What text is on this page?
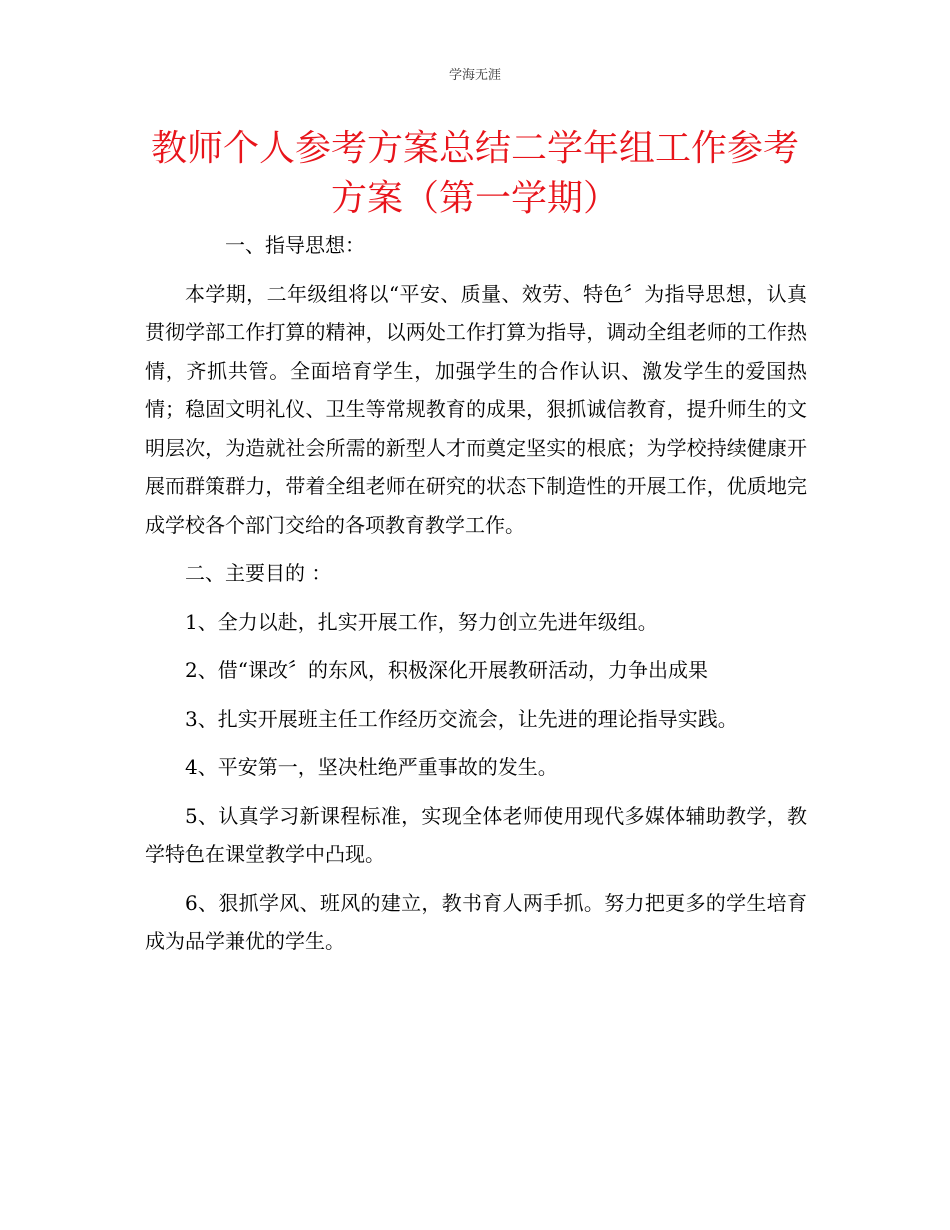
学海无涯
教师个人参考方案总结二学年组工作参考方案（第一学期）

一、指导思想：

本学期，二年级组将以“平安、质量、效劳、特色〞为指导思想，认真贯彻学部工作打算的精神，以两处工作打算为指导，调动全组老师的工作热情，齐抓共管。全面培育学生，加强学生的合作认识、激发学生的爱国热情；稳固文明礼仪、卫生等常规教育的成果，狠抓诚信教育，提升师生的文明层次，为造就社会所需的新型人才而奠定坚实的根底；为学校持续健康开展而群策群力，带着全组老师在研究的状态下制造性的开展工作，优质地完成学校各个部门交给的各项教育教学工作。

二、主要目的 ：

1、全力以赴，扎实开展工作，努力创立先进年级组。

2、借“课改〞的东风，积极深化开展教研活动，力争出成果

3、扎实开展班主任工作经历交流会，让先进的理论指导实践。

4、平安第一，坚决杜绝严重事故的发生。

5、认真学习新课程标准，实现全体老师使用现代多媒体辅助教学，教学特色在课堂教学中凸现。

6、狠抓学风、班风的建立，教书育人两手抓。努力把更多的学生培育成为品学兼优的学生。
